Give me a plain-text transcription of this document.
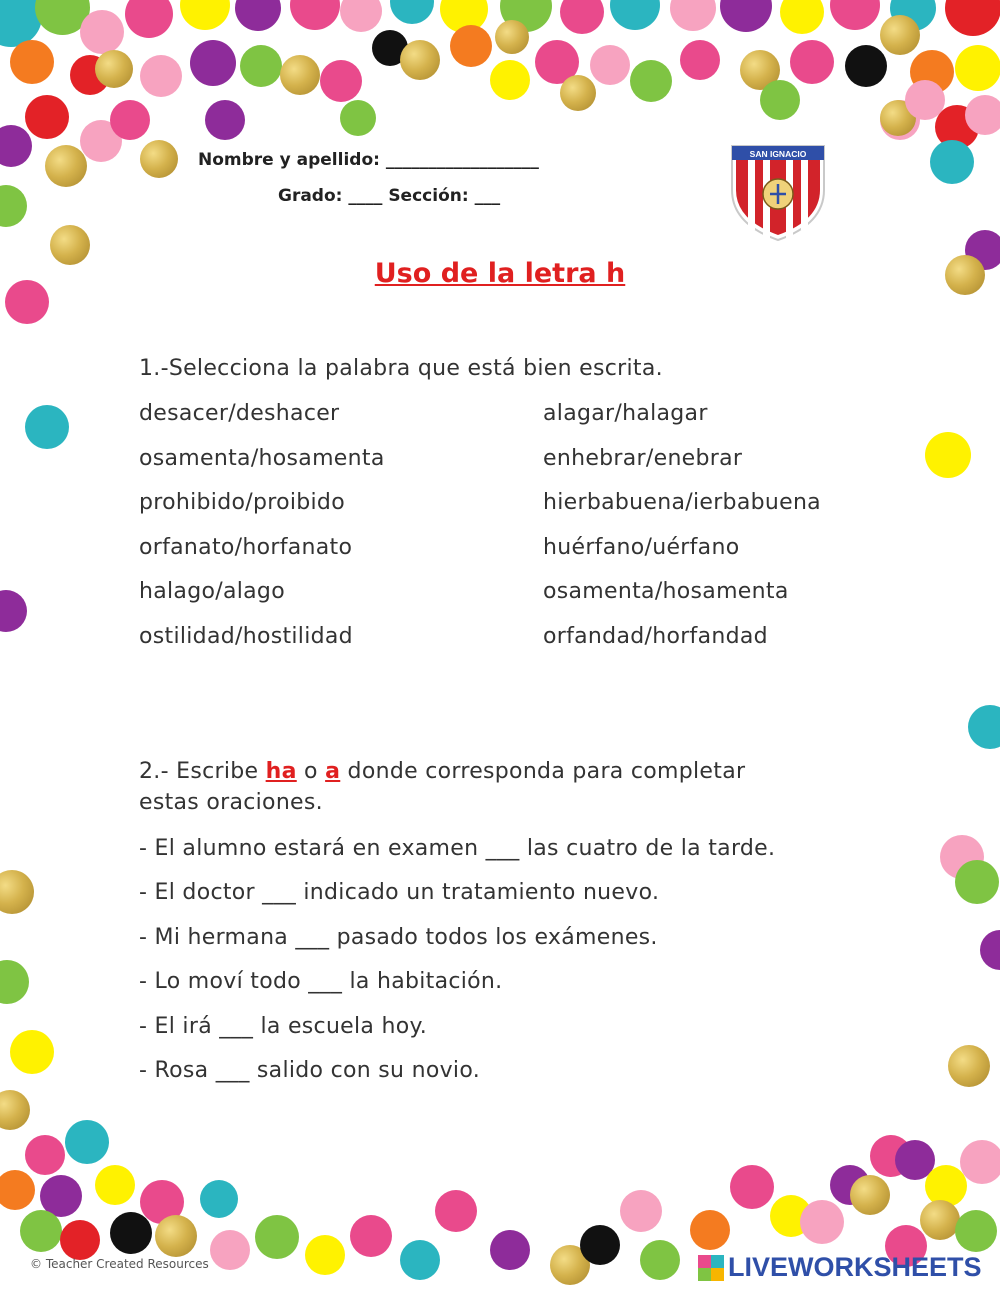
Nombre y apellido: __________________
Grado: ____ Sección: ___
SAN IGNACIO
Uso de la letra h
1.-Selecciona la palabra que está bien escrita.
desacer/deshacer
osamenta/hosamenta
prohibido/proibido
orfanato/horfanato
halago/alago
ostilidad/hostilidad
alagar/halagar
enhebrar/enebrar
hierbabuena/ierbabuena
huérfano/uérfano
osamenta/hosamenta
orfandad/horfandad
2.- Escribe ha o a donde corresponda para completar
estas oraciones.
- El alumno estará en examen ___ las cuatro de la tarde.
- El doctor ___ indicado un tratamiento nuevo.
- Mi hermana ___ pasado todos los exámenes.
- Lo moví todo ___ la habitación.
- El irá ___ la escuela hoy.
- Rosa ___ salido con su novio.
© Teacher Created Resources	LIVEWORKSHEETS
